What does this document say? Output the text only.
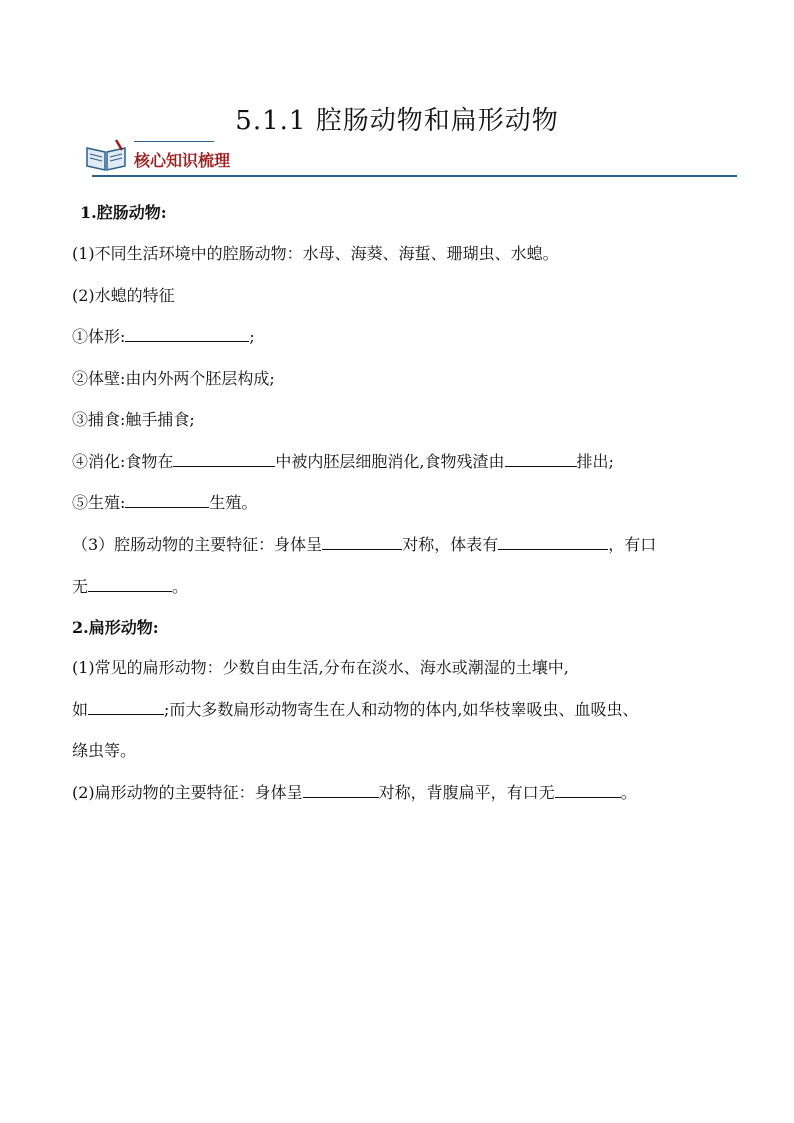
5.1.1 腔肠动物和扁形动物
核心知识梳理
1.腔肠动物:
(1)不同生活环境中的腔肠动物：水母、海葵、海蜇、珊瑚虫、水螅。
(2)水螅的特征
①体形:	;
②体壁:由内外两个胚层构成;
③捕食:触手捕食;
④消化:食物在	中被内胚层细胞消化,食物残渣由	排出;
⑤生殖:	生殖。
（3）腔肠动物的主要特征：身体呈	对称，体表有	，有口
无	。
2.扁形动物:
(1)常见的扁形动物：少数自由生活,分布在淡水、海水或潮湿的土壤中,
如	;而大多数扁形动物寄生在人和动物的体内,如华枝睾吸虫、血吸虫、
绦虫等。
(2)扁形动物的主要特征：身体呈	对称，背腹扁平，有口无	。
